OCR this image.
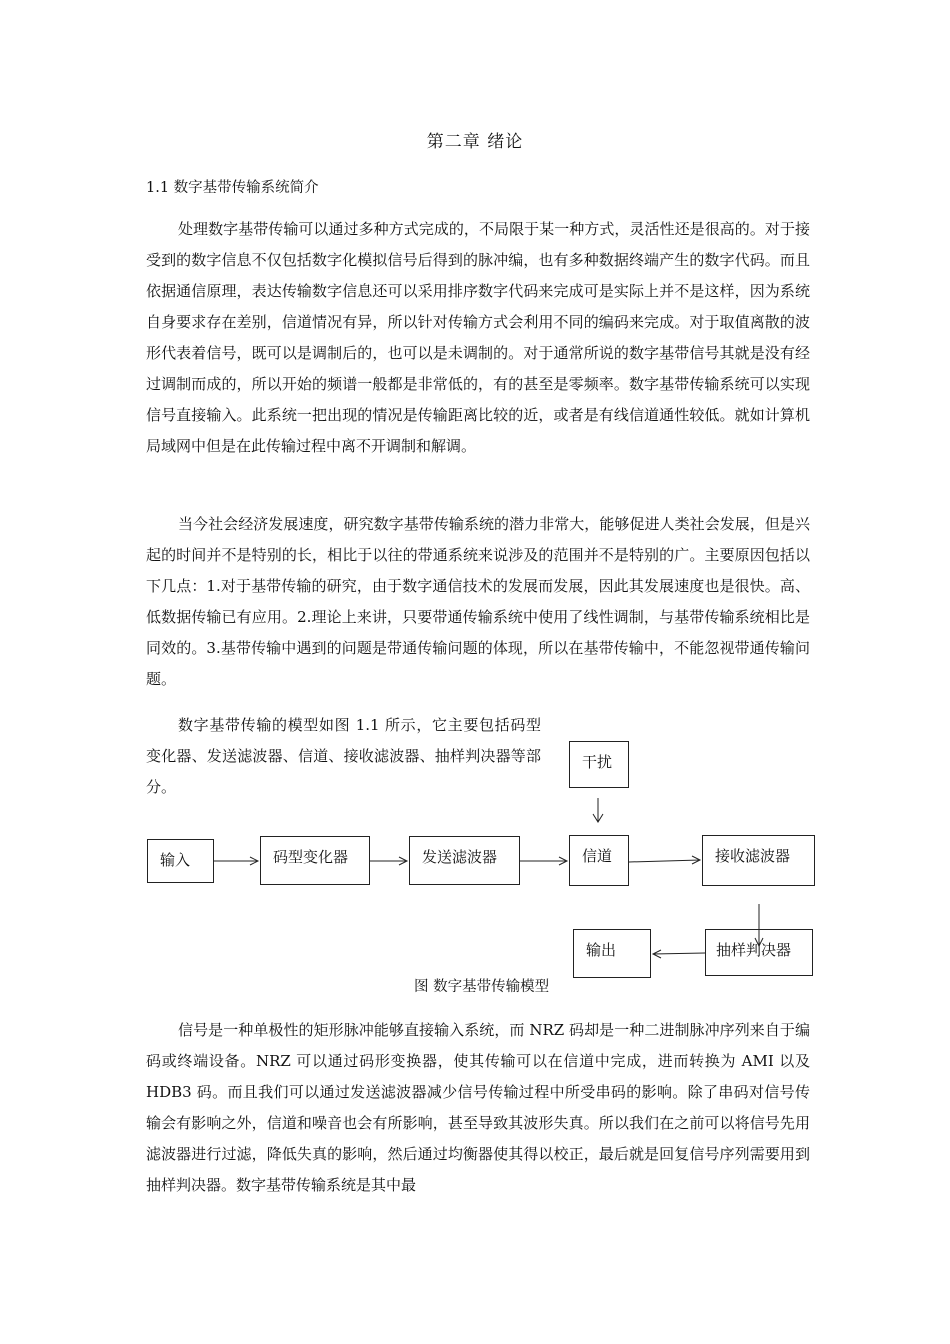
第二章 绪论
1.1 数字基带传输系统简介

处理数字基带传输可以通过多种方式完成的，不局限于某一种方式，灵活性还是很高的。对于接受到的数字信息不仅包括数字化模拟信号后得到的脉冲编，也有多种数据终端产生的数字代码。而且依据通信原理，表达传输数字信息还可以采用排序数字代码来完成可是实际上并不是这样，因为系统自身要求存在差别，信道情况有异，所以针对传输方式会利用不同的编码来完成。对于取值离散的波形代表着信号，既可以是调制后的，也可以是未调制的。对于通常所说的数字基带信号其就是没有经过调制而成的，所以开始的频谱一般都是非常低的，有的甚至是零频率。数字基带传输系统可以实现信号直接输入。此系统一把出现的情况是传输距离比较的近，或者是有线信道通性较低。就如计算机局域网中但是在此传输过程中离不开调制和解调。

当今社会经济发展速度，研究数字基带传输系统的潜力非常大，能够促进人类社会发展，但是兴起的时间并不是特别的长，相比于以往的带通系统来说涉及的范围并不是特别的广。主要原因包括以下几点：1.对于基带传输的研究，由于数字通信技术的发展而发展，因此其发展速度也是很快。高、低数据传输已有应用。2.理论上来讲，只要带通传输系统中使用了线性调制，与基带传输系统相比是同效的。3.基带传输中遇到的问题是带通传输问题的体现，所以在基带传输中，不能忽视带通传输问题。

数字基带传输的模型如图 1.1 所示，它主要包括码型变化器、发送滤波器、信道、接收滤波器、抽样判决器等部分。

干扰
输入	码型变化器	发送滤波器	信道	接收滤波器
输出	抽样判决器
图 数字基带传输模型

信号是一种单极性的矩形脉冲能够直接输入系统，而 NRZ 码却是一种二进制脉冲序列来自于编码或终端设备。NRZ 可以通过码形变换器，使其传输可以在信道中完成，进而转换为 AMI 以及 HDB3 码。而且我们可以通过发送滤波器减少信号传输过程中所受串码的影响。除了串码对信号传输会有影响之外，信道和噪音也会有所影响，甚至导致其波形失真。所以我们在之前可以将信号先用滤波器进行过滤，降低失真的影响，然后通过均衡器使其得以校正，最后就是回复信号序列需要用到抽样判决器。数字基带传输系统是其中最
